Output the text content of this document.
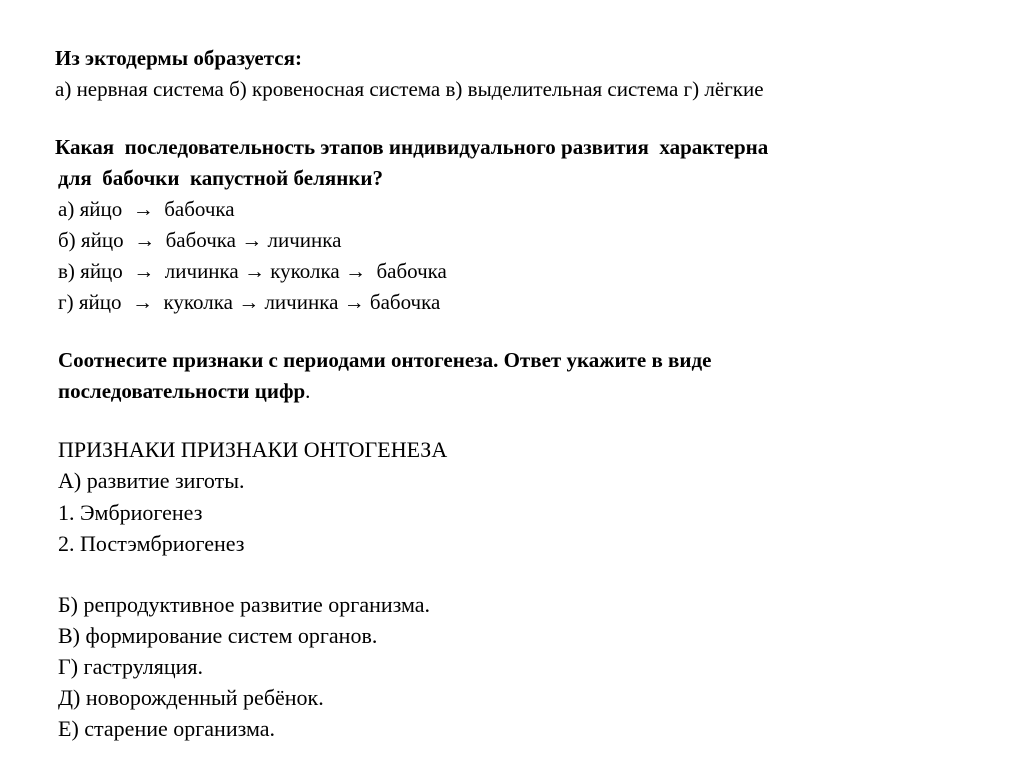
Из эктодермы образуется:
а) нервная система б) кровеносная система в) выделительная система г) лёгкие
Какая  последовательность этапов индивидуального развития  характерна
для  бабочки  капустной белянки?
а) яйцо  →  бабочка
б) яйцо  →  бабочка → личинка
в) яйцо  →  личинка → куколка →  бабочка
г) яйцо  →  куколка → личинка → бабочка
Соотнесите признаки с периодами онтогенеза. Ответ укажите в виде
последовательности цифр.
ПРИЗНАКИ ПРИЗНАКИ ОНТОГЕНЕЗА
А) развитие зиготы.
1. Эмбриогенез
2. Постэмбриогенез
Б) репродуктивное развитие организма.
В) формирование систем органов.
Г) гаструляция.
Д) новорожденный ребёнок.
Е) старение организма.
